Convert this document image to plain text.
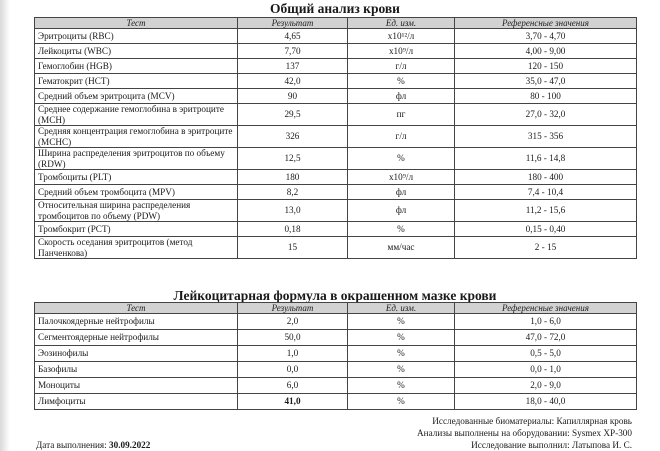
Общий анализ крови
Тест	Результат	Ед. изм.	Референсные значения
Эритроциты (RBC)	4,65	x10¹²/л	3,70 - 4,70
Лейкоциты (WBC)	7,70	x10⁹/л	4,00 - 9,00
Гемоглобин (HGB)	137	г/л	120 - 150
Гематокрит (HCT)	42,0	%	35,0 - 47,0
Средний объем эритроцита (MCV)	90	фл	80 - 100
Среднее содержание гемоглобина в эритроците (MCH)	29,5	пг	27,0 - 32,0
Средняя концентрация гемоглобина в эритроците (MCHC)	326	г/л	315 - 356
Ширина распределения эритроцитов по объему (RDW)	12,5	%	11,6 - 14,8
Тромбоциты (PLT)	180	x10⁹/л	180 - 400
Средний объем тромбоцита (MPV)	8,2	фл	7,4 - 10,4
Относительная ширина распределения тромбоцитов по объему (PDW)	13,0	фл	11,2 - 15,6
Тромбокрит (PCT)	0,18	%	0,15 - 0,40
Скорость оседания эритроцитов (метод Панченкова)	15	мм/час	2 - 15
Лейкоцитарная формула в окрашенном мазке крови
Тест	Результат	Ед. изм.	Референсные значения
Палочкоядерные нейтрофилы	2,0	%	1,0 - 6,0
Сегментоядерные нейтрофилы	50,0	%	47,0 - 72,0
Эозинофилы	1,0	%	0,5 - 5,0
Базофилы	0,0	%	0,0 - 1,0
Моноциты	6,0	%	2,0 - 9,0
Лимфоциты	41,0	%	18,0 - 40,0
Исследованные биоматериалы: Капиллярная кровь
Анализы выполнены на оборудовании: Sysmex XP-300
Дата выполнения: 30.09.2022	Исследование выполнил: Латыпова И. С.
